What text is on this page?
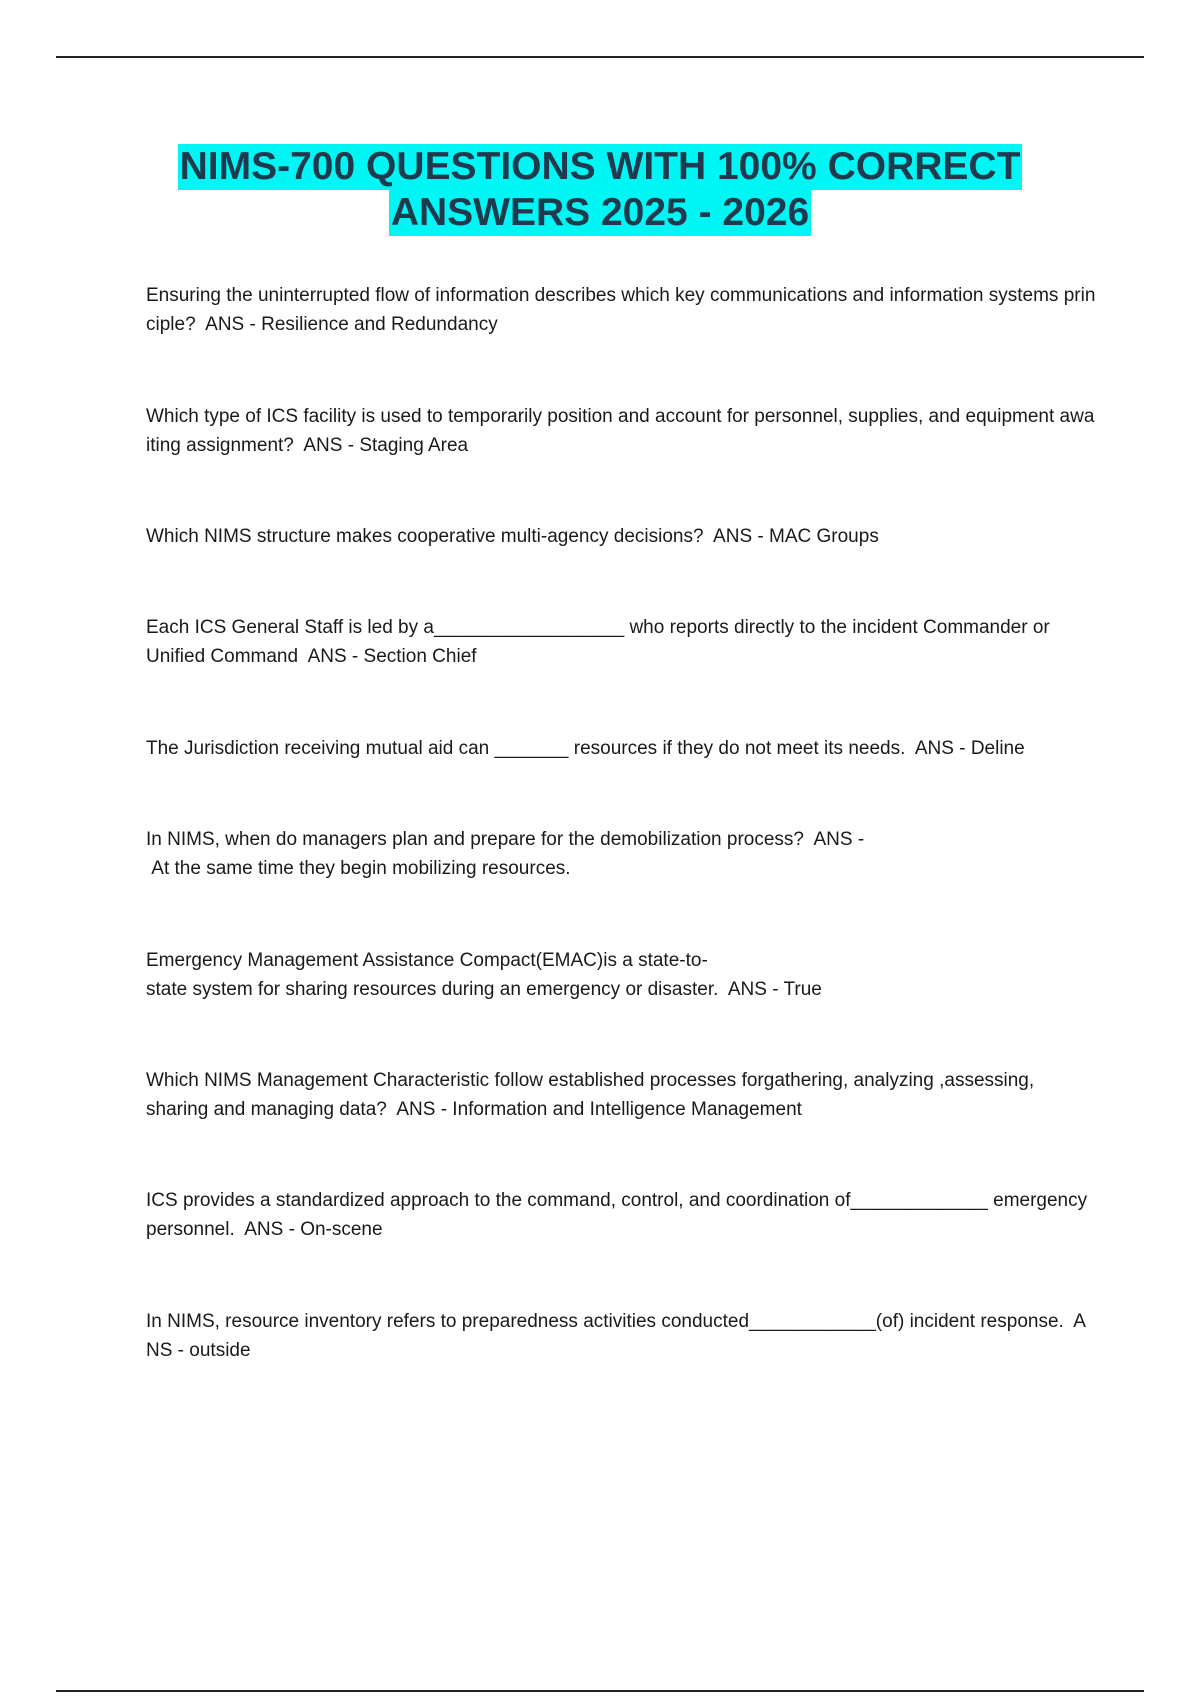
NIMS-700 QUESTIONS WITH 100% CORRECT
ANSWERS 2025 - 2026
Ensuring the uninterrupted flow of information describes which key communications and information systems principle?  ANS - Resilience and Redundancy
Which type of ICS facility is used to temporarily position and account for personnel, supplies, and equipment awaiting assignment?  ANS - Staging Area
Which NIMS structure makes cooperative multi-agency decisions?  ANS - MAC Groups
Each ICS General Staff is led by a__________________ who reports directly to the incident Commander or
Unified Command  ANS - Section Chief
The Jurisdiction receiving mutual aid can _______ resources if they do not meet its needs.  ANS - Deline
In NIMS, when do managers plan and prepare for the demobilization process?  ANS -
At the same time they begin mobilizing resources.
Emergency Management Assistance Compact(EMAC)is a state-to-
state system for sharing resources during an emergency or disaster.  ANS - True
Which NIMS Management Characteristic follow established processes forgathering, analyzing ,assessing,
sharing and managing data?  ANS - Information and Intelligence Management
ICS provides a standardized approach to the command, control, and coordination of_____________ emergency personnel.  ANS - On-scene
In NIMS, resource inventory refers to preparedness activities conducted____________(of) incident response.  ANS - outside
